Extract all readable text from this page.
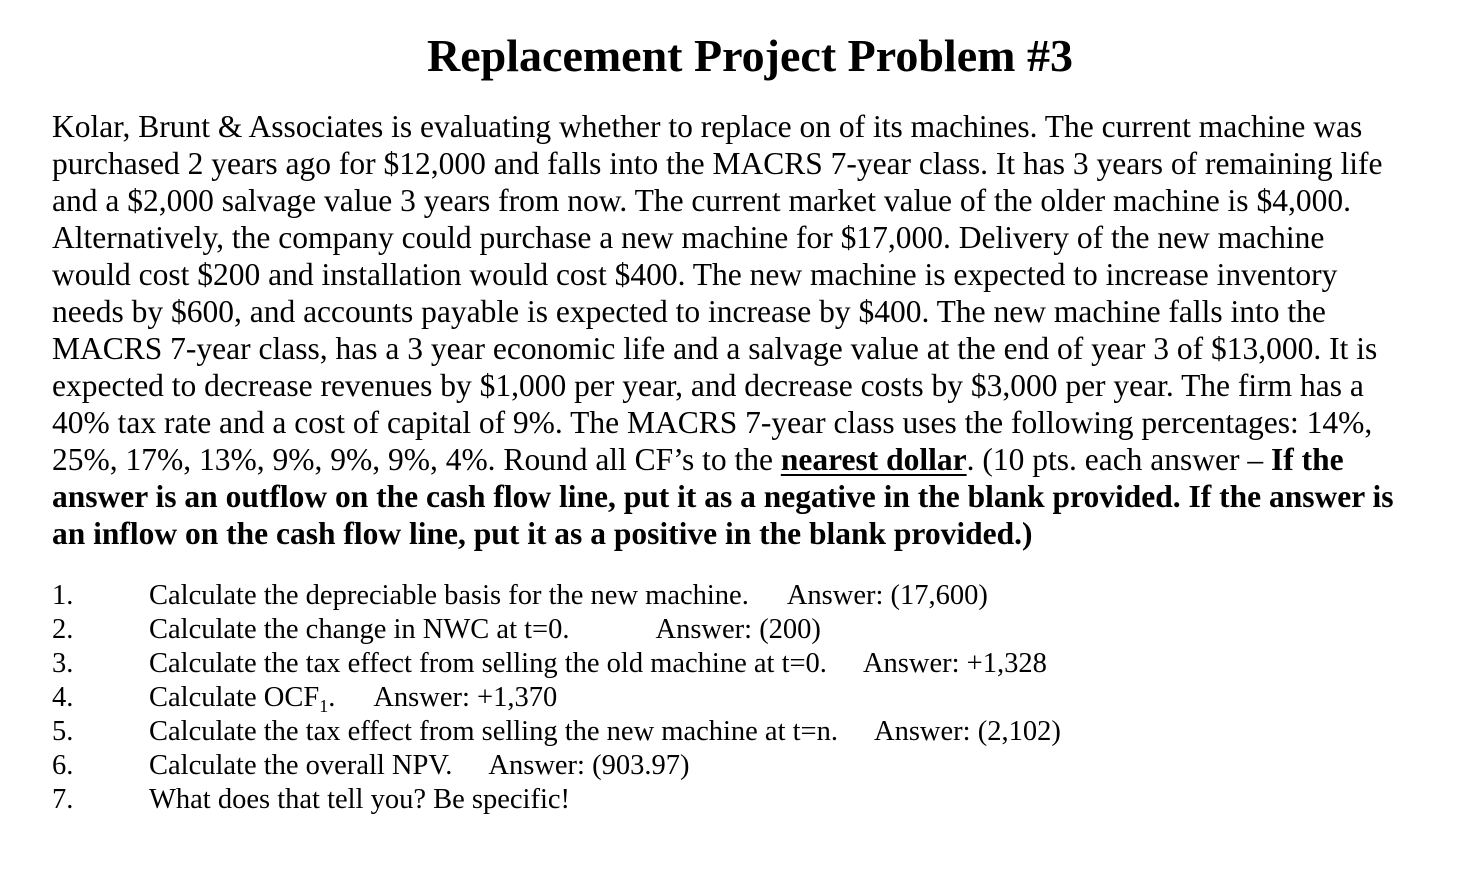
Replacement Project Problem #3
Kolar, Brunt & Associates is evaluating whether to replace on of its machines. The current machine was
purchased 2 years ago for $12,000 and falls into the MACRS 7-year class. It has 3 years of remaining life
and a $2,000 salvage value 3 years from now. The current market value of the older machine is $4,000.
Alternatively, the company could purchase a new machine for $17,000. Delivery of the new machine
would cost $200 and installation would cost $400. The new machine is expected to increase inventory
needs by $600, and accounts payable is expected to increase by $400. The new machine falls into the
MACRS 7-year class, has a 3 year economic life and a salvage value at the end of year 3 of $13,000. It is
expected to decrease revenues by $1,000 per year, and decrease costs by $3,000 per year. The firm has a
40% tax rate and a cost of capital of 9%. The MACRS 7-year class uses the following percentages: 14%,
25%, 17%, 13%, 9%, 9%, 9%, 4%. Round all CF’s to the nearest dollar. (10 pts. each answer – If the
answer is an outflow on the cash flow line, put it as a negative in the blank provided. If the answer is
an inflow on the cash flow line, put it as a positive in the blank provided.)
1.	Calculate the depreciable basis for the new machine. Answer: (17,600)
2.	Calculate the change in NWC at t=0.	Answer: (200)
3.	Calculate the tax effect from selling the old machine at t=0. Answer: +1,328
4.	Calculate $OCF_1$. Answer: +1,370
5.	Calculate the tax effect from selling the new machine at t=n. Answer: (2,102)
6.	Calculate the overall NPV. Answer: (903.97)
7.	What does that tell you? Be specific!
